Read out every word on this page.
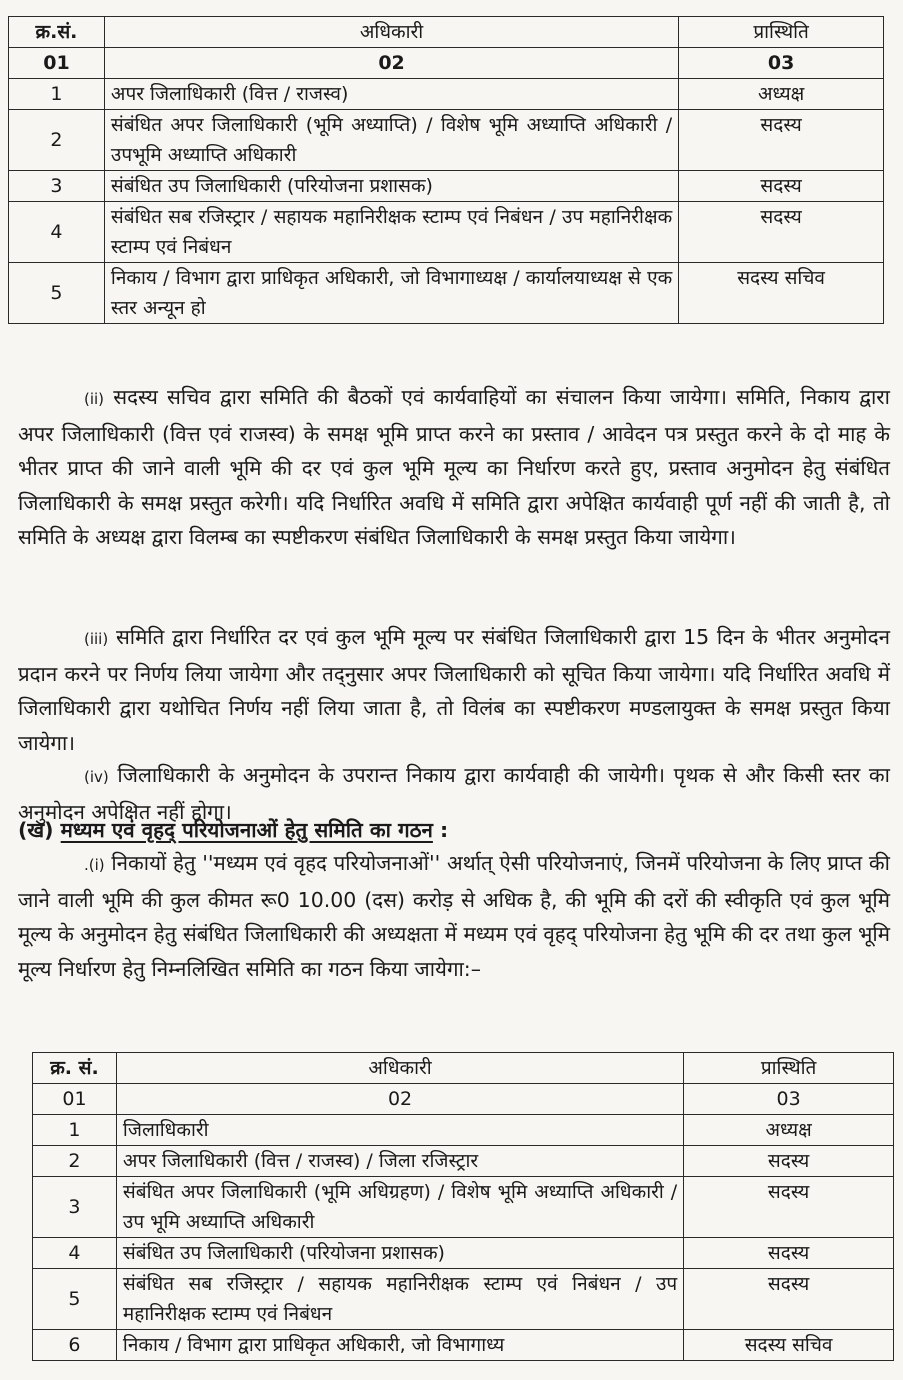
क्र.सं.	अधिकारी	प्रास्थिति
01	02	03
1	अपर जिलाधिकारी (वित्त / राजस्व)	अध्यक्ष
2	संबंधित अपर जिलाधिकारी (भूमि अध्याप्ति) / विशेष भूमि अध्याप्ति अधिकारी / उपभूमि अध्याप्ति अधिकारी	सदस्य
3	संबंधित उप जिलाधिकारी (परियोजना प्रशासक)	सदस्य
4	संबंधित सब रजिस्ट्रार / सहायक महानिरीक्षक स्टाम्प एवं निबंधन / उप महानिरीक्षक स्टाम्प एवं निबंधन	सदस्य
5	निकाय / विभाग द्वारा प्राधिकृत अधिकारी, जो विभागाध्यक्ष / कार्यालयाध्यक्ष से एक स्तर अन्यून हो	सदस्य सचिव
(ii) सदस्य सचिव द्वारा समिति की बैठकों एवं कार्यवाहियों का संचालन किया जायेगा। समिति, निकाय द्वारा अपर जिलाधिकारी (वित्त एवं राजस्व) के समक्ष भूमि प्राप्त करने का प्रस्ताव / आवेदन पत्र प्रस्तुत करने के दो माह के भीतर प्राप्त की जाने वाली भूमि की दर एवं कुल भूमि मूल्य का निर्धारण करते हुए, प्रस्ताव अनुमोदन हेतु संबंधित जिलाधिकारी के समक्ष प्रस्तुत करेगी। यदि निर्धारित अवधि में समिति द्वारा अपेक्षित कार्यवाही पूर्ण नहीं की जाती है, तो समिति के अध्यक्ष द्वारा विलम्ब का स्पष्टीकरण संबंधित जिलाधिकारी के समक्ष प्रस्तुत किया जायेगा।
(iii) समिति द्वारा निर्धारित दर एवं कुल भूमि मूल्य पर संबंधित जिलाधिकारी द्वारा 15 दिन के भीतर अनुमोदन प्रदान करने पर निर्णय लिया जायेगा और तद्नुसार अपर जिलाधिकारी को सूचित किया जायेगा। यदि निर्धारित अवधि में जिलाधिकारी द्वारा यथोचित निर्णय नहीं लिया जाता है, तो विलंब का स्पष्टीकरण मण्डलायुक्त के समक्ष प्रस्तुत किया जायेगा।
(iv) जिलाधिकारी के अनुमोदन के उपरान्त निकाय द्वारा कार्यवाही की जायेगी। पृथक से और किसी स्तर का अनुमोदन अपेक्षित नहीं होगा।
(ख) मध्यम एवं वृहद् परियोजनाओं हेतु समिति का गठन :
.(i) निकायों हेतु ''मध्यम एवं वृहद परियोजनाओं'' अर्थात् ऐसी परियोजनाएं, जिनमें परियोजना के लिए प्राप्त की जाने वाली भूमि की कुल कीमत रू0 10.00 (दस) करोड़ से अधिक है, की भूमि की दरों की स्वीकृति एवं कुल भूमि मूल्य के अनुमोदन हेतु संबंधित जिलाधिकारी की अध्यक्षता में मध्यम एवं वृहद् परियोजना हेतु भूमि की दर तथा कुल भूमि मूल्य निर्धारण हेतु निम्नलिखित समिति का गठन किया जायेगा:–
क्र. सं.	अधिकारी	प्रास्थिति
01	02	03
1	जिलाधिकारी	अध्यक्ष
2	अपर जिलाधिकारी (वित्त / राजस्व) / जिला रजिस्ट्रार	सदस्य
3	संबंधित अपर जिलाधिकारी (भूमि अधिग्रहण) / विशेष भूमि अध्याप्ति अधिकारी / उप भूमि अध्याप्ति अधिकारी	सदस्य
4	संबंधित उप जिलाधिकारी (परियोजना प्रशासक)	सदस्य
5	संबंधित सब रजिस्ट्रार / सहायक महानिरीक्षक स्टाम्प एवं निबंधन / उप महानिरीक्षक स्टाम्प एवं निबंधन	सदस्य
6	निकाय / विभाग द्वारा प्राधिकृत अधिकारी, जो विभागाध्य	सदस्य सचिव
